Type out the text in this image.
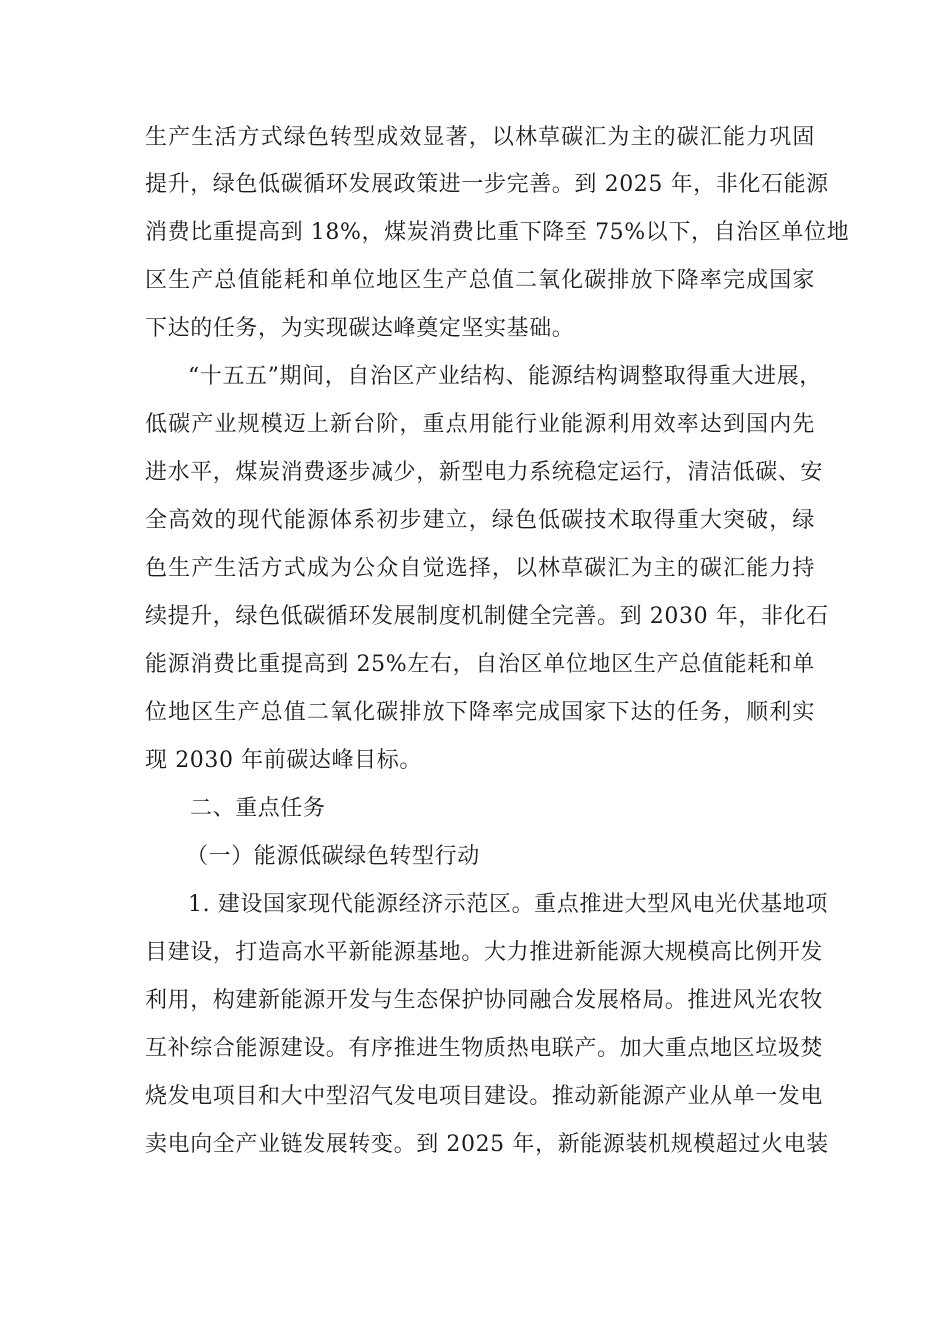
生产生活方式绿色转型成效显著，以林草碳汇为主的碳汇能力巩固
提升，绿色低碳循环发展政策进一步完善。到 2025 年，非化石能源
消费比重提高到 18%，煤炭消费比重下降至 75%以下，自治区单位地
区生产总值能耗和单位地区生产总值二氧化碳排放下降率完成国家
下达的任务，为实现碳达峰奠定坚实基础。
“十五五”期间，自治区产业结构、能源结构调整取得重大进展，
低碳产业规模迈上新台阶，重点用能行业能源利用效率达到国内先
进水平，煤炭消费逐步减少，新型电力系统稳定运行，清洁低碳、安
全高效的现代能源体系初步建立，绿色低碳技术取得重大突破，绿
色生产生活方式成为公众自觉选择，以林草碳汇为主的碳汇能力持
续提升，绿色低碳循环发展制度机制健全完善。到 2030 年，非化石
能源消费比重提高到 25%左右，自治区单位地区生产总值能耗和单
位地区生产总值二氧化碳排放下降率完成国家下达的任务，顺利实
现 2030 年前碳达峰目标。
二、重点任务
（一）能源低碳绿色转型行动
1. 建设国家现代能源经济示范区。重点推进大型风电光伏基地项
目建设，打造高水平新能源基地。大力推进新能源大规模高比例开发
利用，构建新能源开发与生态保护协同融合发展格局。推进风光农牧
互补综合能源建设。有序推进生物质热电联产。加大重点地区垃圾焚
烧发电项目和大中型沼气发电项目建设。推动新能源产业从单一发电
卖电向全产业链发展转变。到 2025 年，新能源装机规模超过火电装
